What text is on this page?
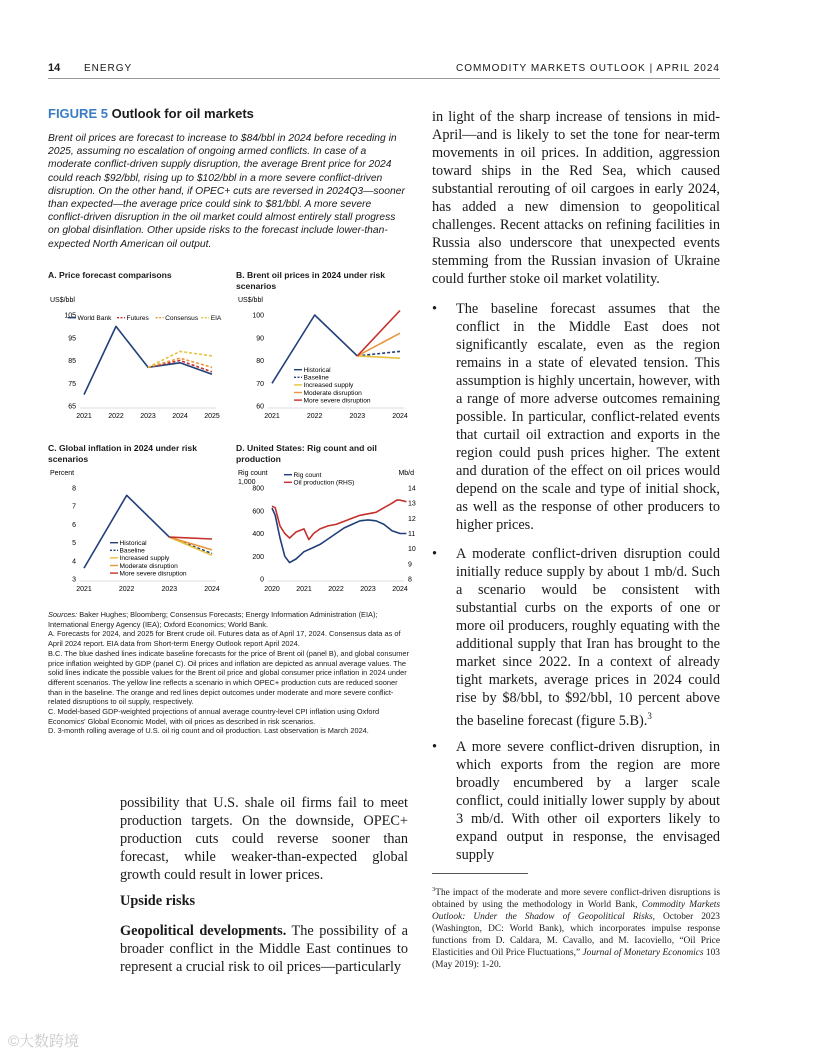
14 ENERGY	COMMODITY MARKETS OUTLOOK | APRIL 2024
FIGURE 5 Outlook for oil markets
Brent oil prices are forecast to increase to $84/bbl in 2024 before receding in 2025, assuming no escalation of ongoing armed conflicts. In case of a moderate conflict-driven supply disruption, the average Brent price for 2024 could reach $92/bbl, rising up to $102/bbl in a more severe conflict-driven disruption. On the other hand, if OPEC+ cuts are reversed in 2024Q3—sooner than expected—the average price could sink to $81/bbl. A more severe conflict-driven disruption in the oil market could almost entirely stall progress on global disinflation. Other upside risks to the forecast include lower-than-expected North American oil output.
A. Price forecast comparisons	B. Brent oil prices in 2024 under risk scenarios
C. Global inflation in 2024 under risk scenarios
D. United States: Rig count and oil production
US$/bbl
65
75
85
95
105
2021 2022 2023 2024 2025
World Bank Futures Consensus EIA
US$/bbl
60
70
80
90
100
2021	2022	2023	2024
Historical
Baseline
Increased supply
Moderate disruption
More severe disruption
Percent
3
4
5
6
7
8
2021	2022	2023	2024
Historical
Baseline
Increased supply
Moderate disruption
More severe disruption
Rig count
1,000
Mb/d
0
200
400
600
800
8
9
10
11
12
13
14
2020 2021 2022 2023 2024
Rig count
Oil production (RHS)

Sources: Baker Hughes; Bloomberg; Consensus Forecasts; Energy Information Administration (EIA); International Energy Agency (IEA); Oxford Economics; World Bank.

A. Forecasts for 2024, and 2025 for Brent crude oil. Futures data as of April 17, 2024. Consensus data as of April 2024 report. EIA data from Short-term Energy Outlook report April 2024.

B.C. The blue dashed lines indicate baseline forecasts for the price of Brent oil (panel B), and global consumer price inflation weighted by GDP (panel C). Oil prices and inflation are depicted as annual average values. The solid lines indicate the possible values for the Brent oil price and global consumer price inflation in 2024 under different scenarios. The yellow line reflects a scenario in which OPEC+ production cuts are reduced sooner than in the baseline. The orange and red lines depict outcomes under moderate and more severe conflict-related disruptions to oil supply, respectively.

C. Model-based GDP-weighted projections of annual average country-level CPI inflation using Oxford Economics' Global Economic Model, with oil prices as described in risk scenarios.

D. 3-month rolling average of U.S. oil rig count and oil production. Last observation is March 2024.

possibility that U.S. shale oil firms fail to meet production targets. On the downside, OPEC+ production cuts could reverse sooner than forecast, while weaker-than-expected global growth could result in lower prices.
Upside risks
Geopolitical developments. The possibility of a broader conflict in the Middle East continues to represent a crucial risk to oil prices—particularly
in light of the sharp increase of tensions in mid-April—and is likely to set the tone for near-term movements in oil prices. In addition, aggression toward ships in the Red Sea, which caused substantial rerouting of oil cargoes in early 2024, has added a new dimension to geopolitical challenges. Recent attacks on refining facilities in Russia also underscore that unexpected events stemming from the Russian invasion of Ukraine could further stoke oil market volatility.
• The baseline forecast assumes that the conflict in the Middle East does not significantly escalate, even as the region remains in a state of elevated tension. This assumption is highly uncertain, however, with a range of more adverse outcomes remaining possible. In particular, conflict-related events that curtail oil extraction and exports in the region could push prices higher. The extent and duration of the effect on oil prices would depend on the scale and type of initial shock, as well as the response of other producers to higher prices.
• A moderate conflict-driven disruption could initially reduce supply by about 1 mb/d. Such a scenario would be consistent with substantial curbs on the exports of one or more oil producers, roughly equating with the additional supply that Iran has brought to the market since 2022. In a context of already tight markets, average prices in 2024 could rise by $8/bbl, to $92/bbl, 10 percent above the baseline forecast (figure 5.B).$^3$
• A more severe conflict-driven disruption, in which exports from the region are more broadly encumbered by a larger scale conflict, could initially lower supply by about 3 mb/d. With other oil exporters likely to expand output in response, the envisaged supply
$^3$The impact of the moderate and more severe conflict-driven disruptions is obtained by using the methodology in World Bank, Commodity Markets Outlook: Under the Shadow of Geopolitical Risks, October 2023 (Washington, DC: World Bank), which incorporates impulse response functions from D. Caldara, M. Cavallo, and M. Iacoviello, “Oil Price Elasticities and Oil Price Fluctuations,” Journal of Monetary Economics 103 (May 2019): 1-20.
©大数跨境
